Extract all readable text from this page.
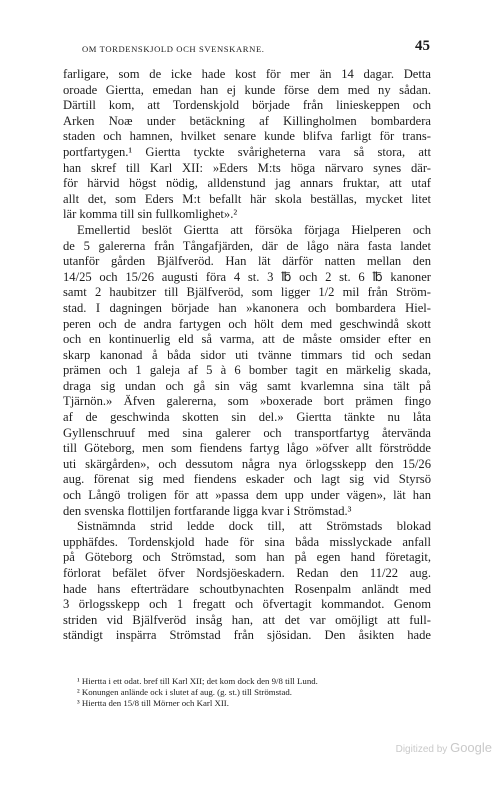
OM TORDENSKJOLD OCH SVENSKARNE.	45
farligare, som de icke hade kost för mer än 14 dagar. Detta
oroade Giertta, emedan han ej kunde förse dem med ny sådan.
Därtill kom, att Tordenskjold började från linieskeppen och
Arken Noæ under betäckning af Killingholmen bombardera
staden och hamnen, hvilket senare kunde blifva farligt för trans-
portfartygen.¹ Giertta tyckte svårigheterna vara så stora, att
han skref till Karl XII: »Eders M:ts höga närvaro synes där-
för härvid högst nödig, alldenstund jag annars fruktar, att utaf
allt det, som Eders M:t befallt här skola beställas, mycket litet
lär komma till sin fullkomlighet».²
Emellertid beslöt Giertta att försöka förjaga Hielperen och
de 5 galererna från Tångafjärden, där de lågo nära fasta landet
utanför gården Bjälfveröd. Han lät därför natten mellan den
14/25 och 15/26 augusti föra 4 st. 3 ℔ och 2 st. 6 ℔ kanoner
samt 2 haubitzer till Bjälfveröd, som ligger 1/2 mil från Ström-
stad. I dagningen började han »kanonera och bombardera Hiel-
peren och de andra fartygen och hölt dem med geschwindå skott
och en kontinuerlig eld så varma, att de måste omsider efter en
skarp kanonad å båda sidor uti tvänne timmars tid och sedan
prämen och 1 galeja af 5 à 6 bomber tagit en märkelig skada,
draga sig undan och gå sin väg samt kvarlemna sina tält på
Tjärnön.» Äfven galererna, som »boxerade bort prämen fingo
af de geschwinda skotten sin del.» Giertta tänkte nu låta
Gyllenschruuf med sina galerer och transportfartyg återvända
till Göteborg, men som fiendens fartyg lågo »öfver allt förströdde
uti skärgården», och dessutom några nya örlogsskepp den 15/26
aug. förenat sig med fiendens eskader och lagt sig vid Styrsö
och Långö troligen för att »passa dem upp under vägen», lät han
den svenska flottiljen fortfarande ligga kvar i Strömstad.³
Sistnämnda strid ledde dock till, att Strömstads blokad
upphäfdes. Tordenskjold hade för sina båda misslyckade anfall
på Göteborg och Strömstad, som han på egen hand företagit,
förlorat befälet öfver Nordsjöeskadern. Redan den 11/22 aug.
hade hans efterträdare schoutbynachten Rosenpalm anländt med
3 örlogsskepp och 1 fregatt och öfvertagit kommandot. Genom
striden vid Bjälfveröd insåg han, att det var omöjligt att full-
ständigt inspärra Strömstad från sjösidan. Den åsikten hade
¹ Hiertta i ett odat. bref till Karl XII; det kom dock den 9/8 till Lund.
² Konungen anlände ock i slutet af aug. (g. st.) till Strömstad.
³ Hiertta den 15/8 till Mörner och Karl XII.
Digitized by Google
